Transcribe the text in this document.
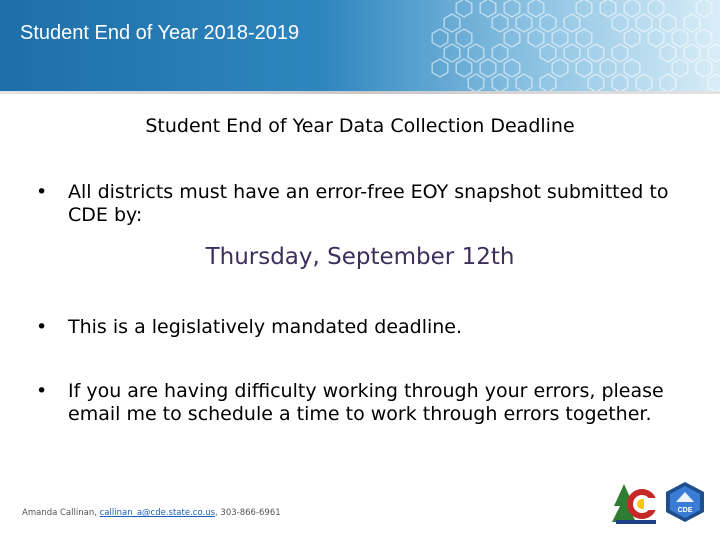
Student End of Year 2018-2019
Student End of Year Data Collection Deadline
• All districts must have an error-free EOY snapshot submitted to CDE by:
Thursday, September 12th
• This is a legislatively mandated deadline.
• If you are having difficulty working through your errors, please email me to schedule a time to work through errors together.
Amanda Callinan, callinan_a@cde.state.co.us, 303-866-6961	CDE
